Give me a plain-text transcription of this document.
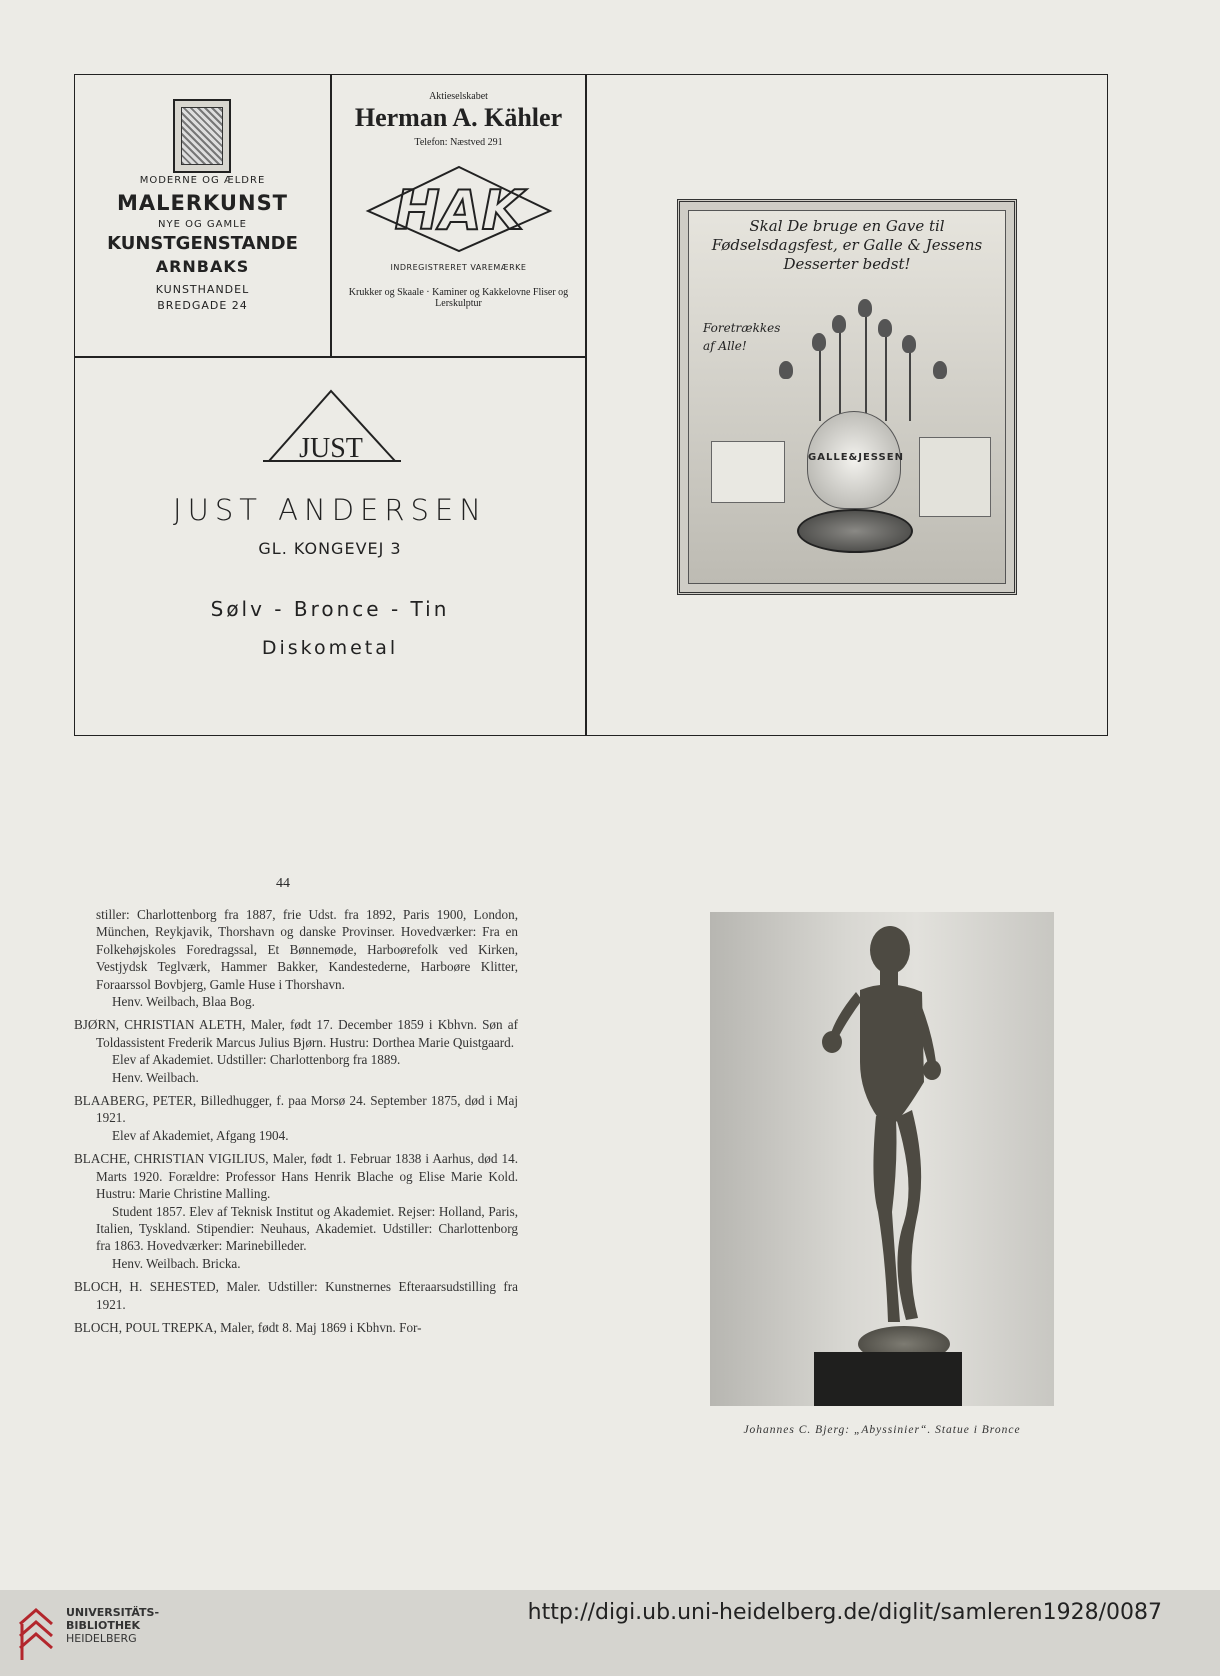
MODERNE OG ÆLDRE
MALERKUNST
NYE OG GAMLE
KUNSTGENSTANDE
ARNBAKS
KUNSTHANDEL
BREDGADE 24
Aktieselskabet
Herman A. Kähler
Telefon: Næstved 291
HAK
INDREGISTRERET VAREMÆRKE
Krukker og Skaale · Kaminer og Kakkelovne Fliser og Lerskulptur
JUST
JUST ANDERSEN
GL. KONGEVEJ 3
Sølv - Bronce - Tin
Diskometal
Skal De bruge en Gave til Fødselsdagsfest, er Galle & Jessens Desserter bedst!
Foretrækkes af Alle!
GALLE&JESSEN
44

stiller: Charlottenborg fra 1887, frie Udst. fra 1892, Paris 1900, London, München, Reykjavik, Thorshavn og danske Provinser. Hovedværker: Fra en Folkehøjskoles Foredragssal, Et Bønnemøde, Harboørefolk ved Kirken, Vestjydsk Teglværk, Hammer Bakker, Kandestederne, Harboøre Klitter, Foraarssol Bovbjerg, Gamle Huse i Thorshavn.

Henv. Weilbach, Blaa Bog.

BJØRN, CHRISTIAN ALETH, Maler, født 17. December 1859 i Kbhvn. Søn af Toldassistent Frederik Marcus Julius Bjørn. Hustru: Dorthea Marie Quistgaard.

Elev af Akademiet. Udstiller: Charlottenborg fra 1889.

Henv. Weilbach.

BLAABERG, PETER, Billedhugger, f. paa Morsø 24. September 1875, død i Maj 1921.

Elev af Akademiet, Afgang 1904.

BLACHE, CHRISTIAN VIGILIUS, Maler, født 1. Februar 1838 i Aarhus, død 14. Marts 1920. Forældre: Professor Hans Henrik Blache og Elise Marie Kold. Hustru: Marie Christine Malling.

Student 1857. Elev af Teknisk Institut og Akademiet. Rejser: Holland, Paris, Italien, Tyskland. Stipendier: Neuhaus, Akademiet. Udstiller: Charlottenborg fra 1863. Hovedværker: Marinebilleder.

Henv. Weilbach. Bricka.

BLOCH, H. SEHESTED, Maler. Udstiller: Kunstnernes Efteraarsudstilling fra 1921.

BLOCH, POUL TREPKA, Maler, født 8. Maj 1869 i Kbhvn. For-

Johannes C. Bjerg: „Abyssinier“. Statue i Bronce
UNIVERSITÄTS-
BIBLIOTHEK
HEIDELBERG
http://digi.ub.uni-heidelberg.de/diglit/samleren1928/0087
